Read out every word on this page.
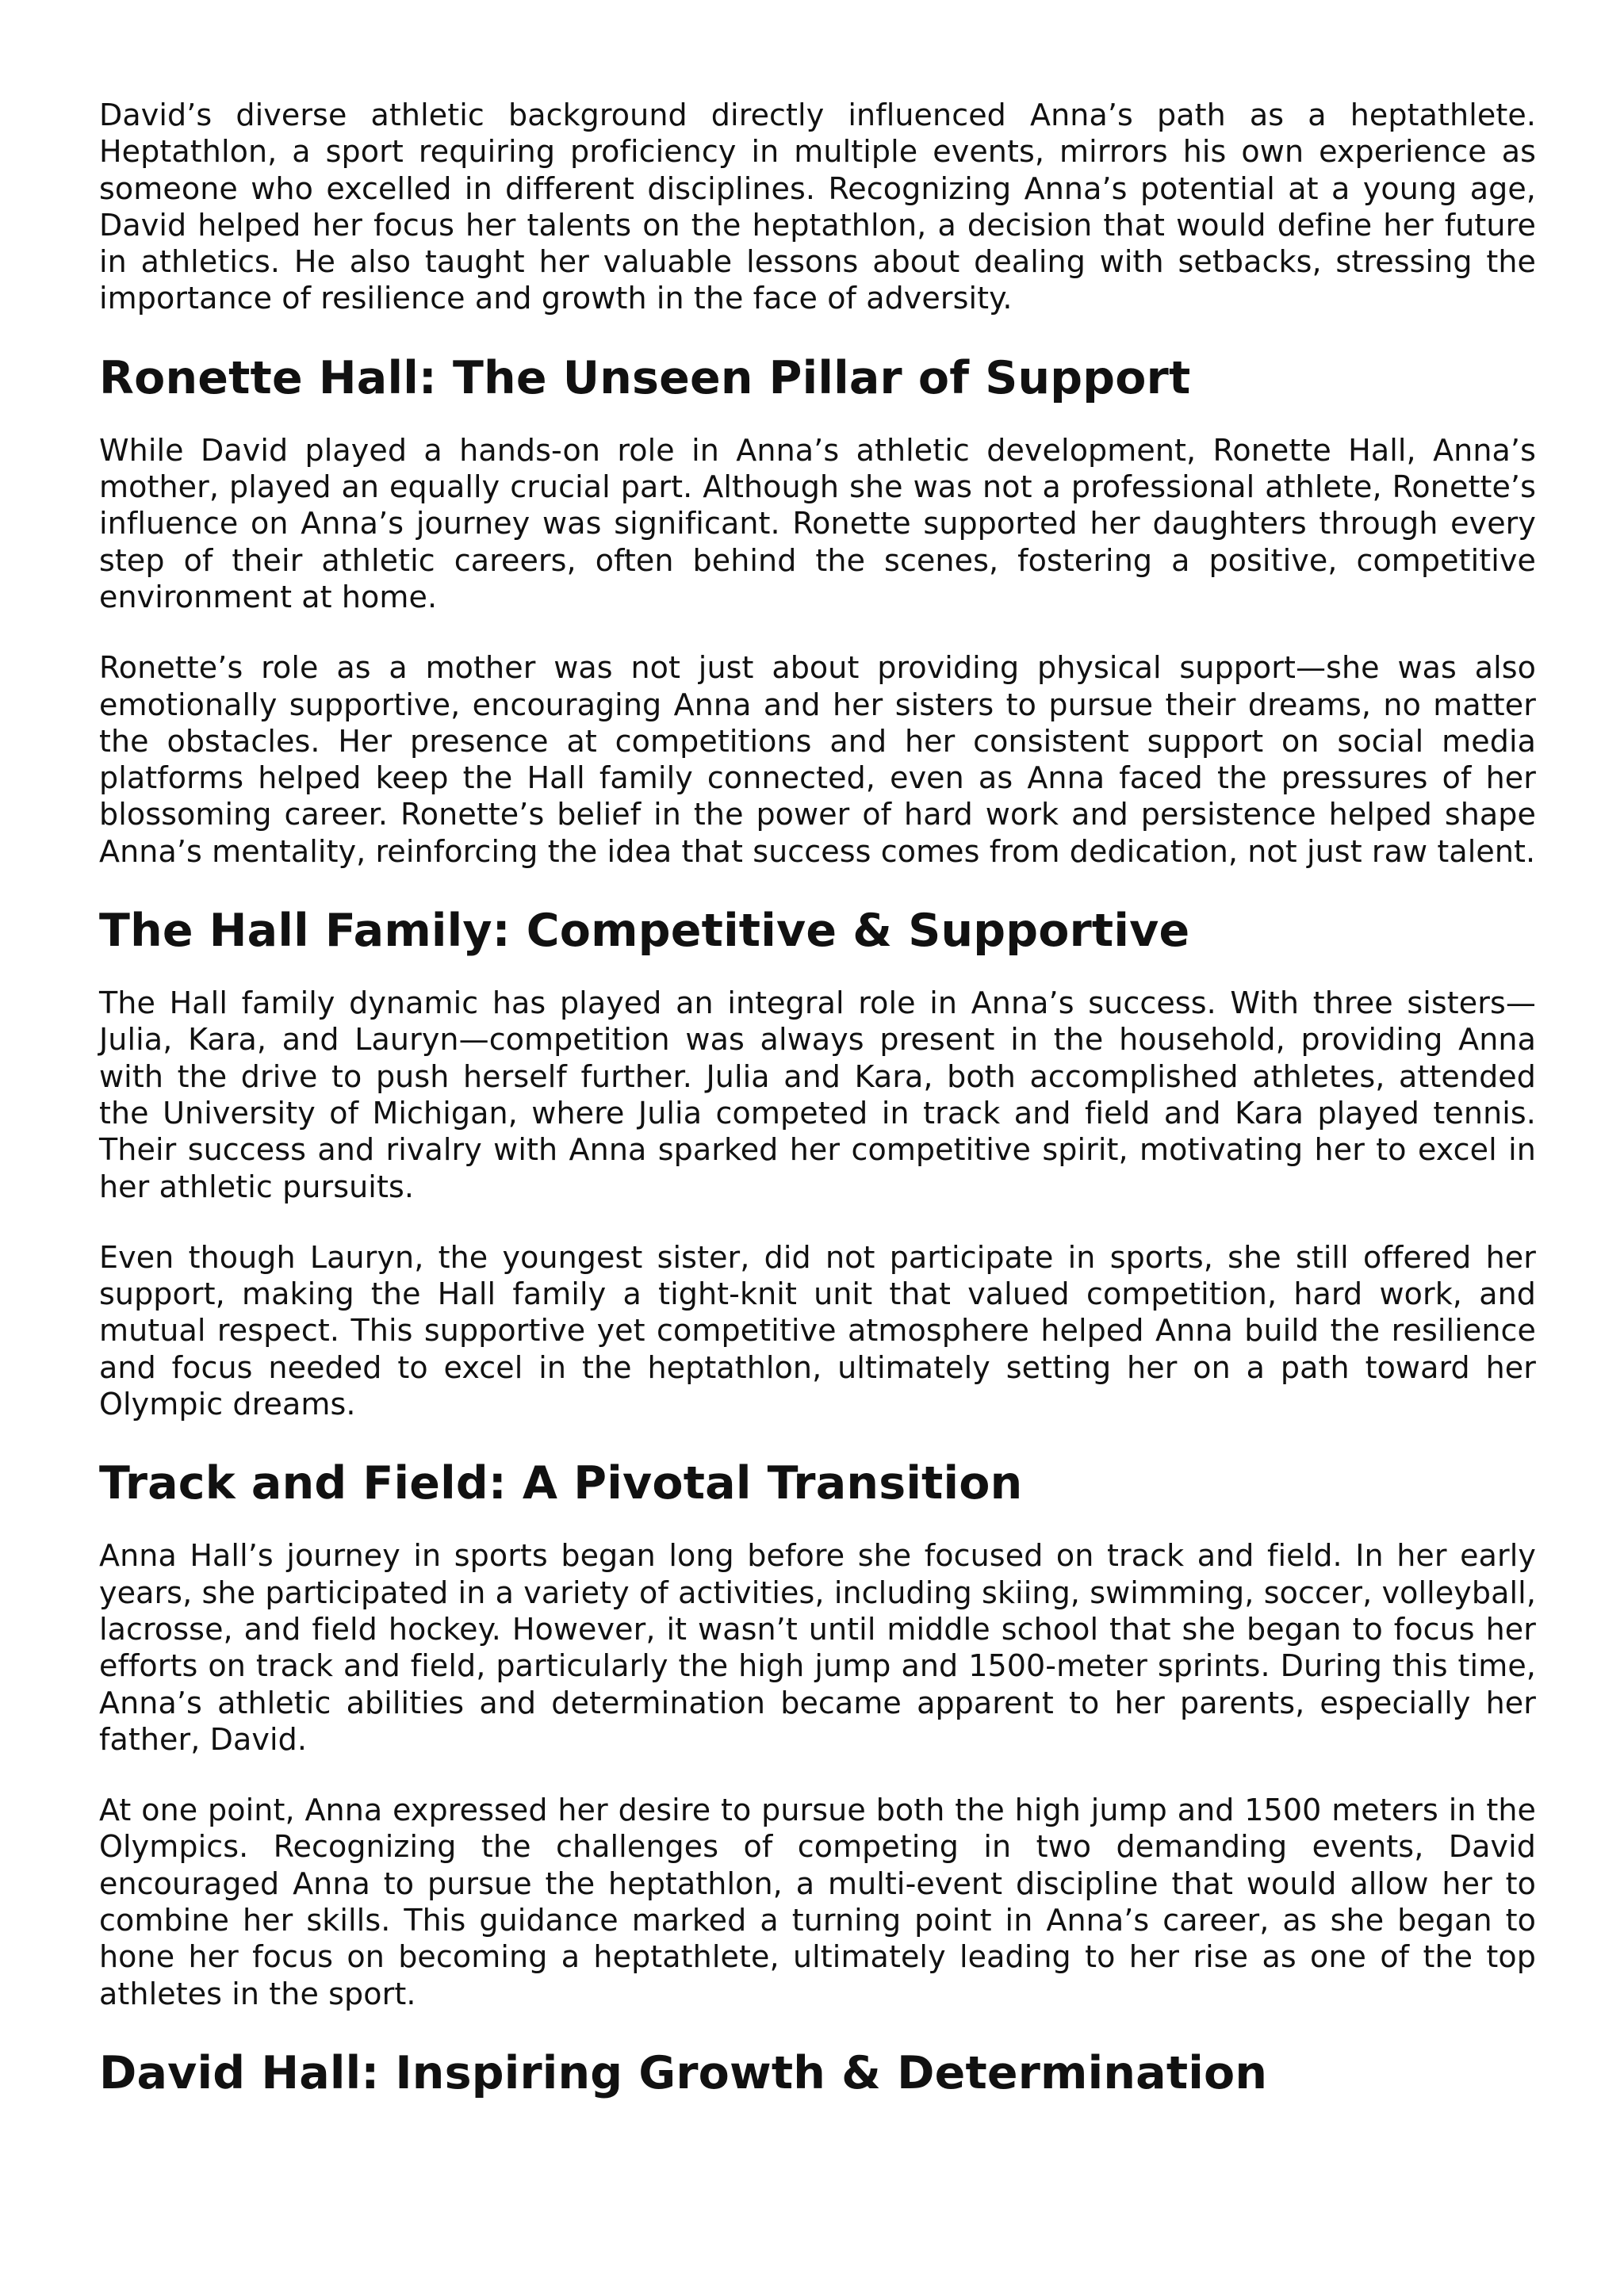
David’s diverse athletic background directly influenced Anna’s path as a heptathlete. Heptathlon, a sport requiring proficiency in multiple events, mirrors his own experience as someone who excelled in different disciplines. Recognizing Anna’s potential at a young age, David helped her focus her talents on the heptathlon, a decision that would define her future in athletics. He also taught her valuable lessons about dealing with setbacks, stressing the importance of resilience and growth in the face of adversity.

Ronette Hall: The Unseen Pillar of Support

While David played a hands-on role in Anna’s athletic development, Ronette Hall, Anna’s mother, played an equally crucial part. Although she was not a professional athlete, Ronette’s influence on Anna’s journey was significant. Ronette supported her daughters through every step of their athletic careers, often behind the scenes, fostering a positive, competitive environment at home.

Ronette’s role as a mother was not just about providing physical support—she was also emotionally supportive, encouraging Anna and her sisters to pursue their dreams, no matter the obstacles. Her presence at competitions and her consistent support on social media platforms helped keep the Hall family connected, even as Anna faced the pressures of her blossoming career. Ronette’s belief in the power of hard work and persistence helped shape Anna’s mentality, reinforcing the idea that success comes from dedication, not just raw talent.

The Hall Family: Competitive & Supportive

The Hall family dynamic has played an integral role in Anna’s success. With three sisters—Julia, Kara, and Lauryn—competition was always present in the household, providing Anna with the drive to push herself further. Julia and Kara, both accomplished athletes, attended the University of Michigan, where Julia competed in track and field and Kara played tennis. Their success and rivalry with Anna sparked her competitive spirit, motivating her to excel in her athletic pursuits.

Even though Lauryn, the youngest sister, did not participate in sports, she still offered her support, making the Hall family a tight-knit unit that valued competition, hard work, and mutual respect. This supportive yet competitive atmosphere helped Anna build the resilience and focus needed to excel in the heptathlon, ultimately setting her on a path toward her Olympic dreams.

Track and Field: A Pivotal Transition

Anna Hall’s journey in sports began long before she focused on track and field. In her early years, she participated in a variety of activities, including skiing, swimming, soccer, volleyball, lacrosse, and field hockey. However, it wasn’t until middle school that she began to focus her efforts on track and field, particularly the high jump and 1500-meter sprints. During this time, Anna’s athletic abilities and determination became apparent to her parents, especially her father, David.

At one point, Anna expressed her desire to pursue both the high jump and 1500 meters in the Olympics. Recognizing the challenges of competing in two demanding events, David encouraged Anna to pursue the heptathlon, a multi-event discipline that would allow her to combine her skills. This guidance marked a turning point in Anna’s career, as she began to hone her focus on becoming a heptathlete, ultimately leading to her rise as one of the top athletes in the sport.

David Hall: Inspiring Growth & Determination
